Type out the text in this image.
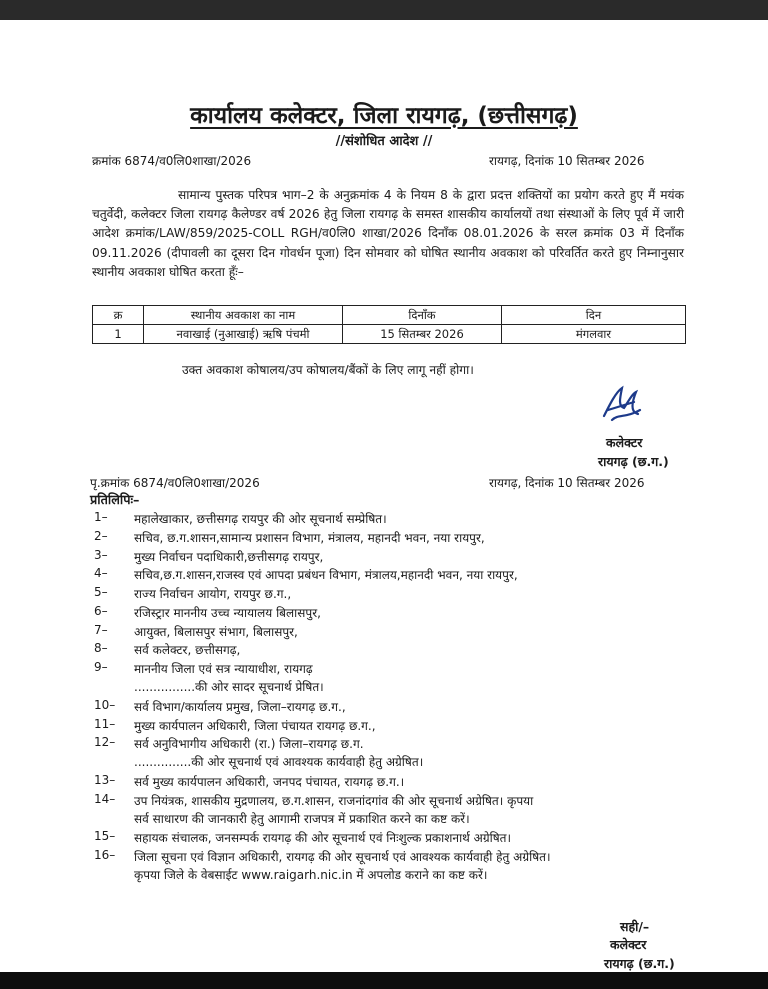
कार्यालय कलेक्टर, जिला रायगढ़, (छत्तीसगढ़)
//संशोधित आदेश //
क्रमांक 6874/व0लि0शाखा/2026	रायगढ़, दिनांक 10 सितम्बर 2026

सामान्य पुस्तक परिपत्र भाग–2 के अनुक्रमांक 4 के नियम 8 के द्वारा प्रदत्त शक्तियों का प्रयोग करते हुए मैं मयंक चतुर्वेदी, कलेक्टर जिला रायगढ़ कैलेण्डर वर्ष 2026 हेतु जिला रायगढ़ के समस्त शासकीय कार्यालयों तथा संस्थाओं के लिए पूर्व में जारी आदेश क्रमांक/LAW/859/2025-COLL RGH/व0लि0 शाखा/2026 दिनाँक 08.01.2026 के सरल क्रमांक 03 में दिनाँक 09.11.2026 (दीपावली का दूसरा दिन गोवर्धन पूजा) दिन सोमवार को घोषित स्थानीय अवकाश को परिवर्तित करते हुए निम्नानुसार स्थानीय अवकाश घोषित करता हूँः–

क्र	स्थानीय अवकाश का नाम	दिनाँक	दिन
1	नवाखाई (नुआखाई) ऋषि पंचमी	15 सितम्बर 2026	मंगलवार
उक्त अवकाश कोषालय/उप कोषालय/बैंकों के लिए लागू नहीं होगा।
कलेक्टर
रायगढ़ (छ.ग.)
पृ.क्रमांक 6874/व0लि0शाखा/2026	रायगढ़, दिनांक 10 सितम्बर 2026
प्रतिलिपिः–
1– महालेखाकार, छत्तीसगढ़ रायपुर की ओर सूचनार्थ सम्प्रेषित।
2– सचिव, छ.ग.शासन,सामान्य प्रशासन विभाग, मंत्रालय, महानदी भवन, नया रायपुर,
3– मुख्य निर्वाचन पदाधिकारी,छत्तीसगढ़ रायपुर,
4– सचिव,छ.ग.शासन,राजस्व एवं आपदा प्रबंधन विभाग, मंत्रालय,महानदी भवन, नया रायपुर,
5– राज्य निर्वाचन आयोग, रायपुर छ.ग.,
6– रजिस्ट्रार माननीय उच्च न्यायालय बिलासपुर,
7– आयुक्त, बिलासपुर संभाग, बिलासपुर,
8– सर्व कलेक्टर, छत्तीसगढ़,
9– माननीय जिला एवं सत्र न्यायाधीश, रायगढ़
................की ओर सादर सूचनार्थ प्रेषित।
10– सर्व विभाग/कार्यालय प्रमुख, जिला–रायगढ़ छ.ग.,
11– मुख्य कार्यपालन अधिकारी, जिला पंचायत रायगढ़ छ.ग.,
12– सर्व अनुविभागीय अधिकारी (रा.) जिला–रायगढ़ छ.ग.
...............की ओर सूचनार्थ एवं आवश्यक कार्यवाही हेतु अग्रेषित।
13– सर्व मुख्य कार्यपालन अधिकारी, जनपद पंचायत, रायगढ़ छ.ग.।
14– उप नियंत्रक, शासकीय मुद्रणालय, छ.ग.शासन, राजनांदगांव की ओर सूचनार्थ अग्रेषित। कृपया
सर्व साधारण की जानकारी हेतु आगामी राजपत्र में प्रकाशित करने का कष्ट करें।
15– सहायक संचालक, जनसम्पर्क रायगढ़ की ओर सूचनार्थ एवं निःशुल्क प्रकाशनार्थ अग्रेषित।
16– जिला सूचना एवं विज्ञान अधिकारी, रायगढ़ की ओर सूचनार्थ एवं आवश्यक कार्यवाही हेतु अग्रेषित।
कृपया जिले के वेबसाईट www.raigarh.nic.in में अपलोड कराने का कष्ट करें।
सही/–
कलेक्टर
रायगढ़ (छ.ग.)
